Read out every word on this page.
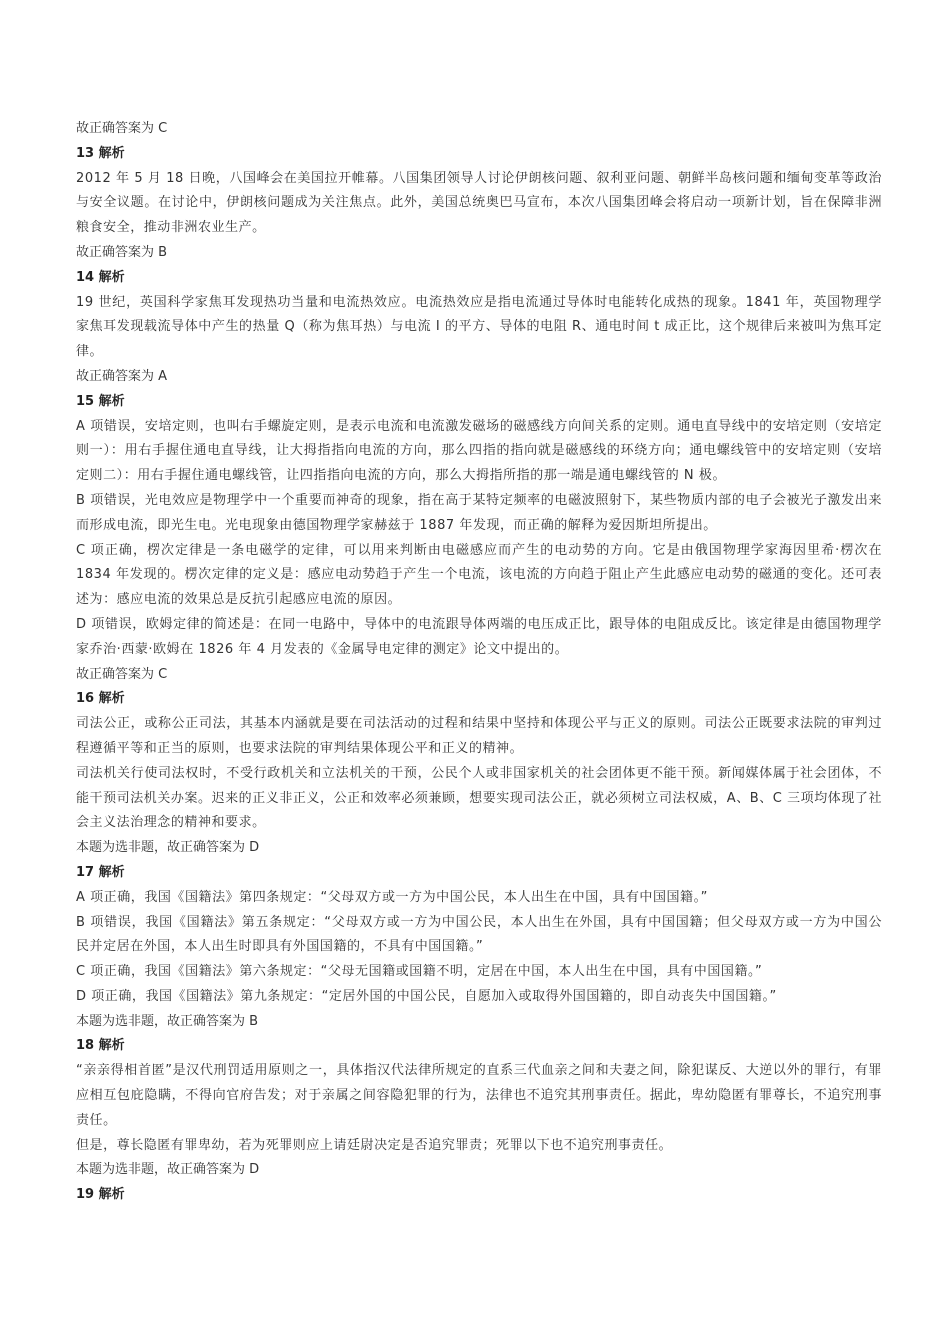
故正确答案为 C

13 解析

2012 年 5 月 18 日晚，八国峰会在美国拉开帷幕。八国集团领导人讨论伊朗核问题、叙利亚问题、朝鲜半岛核问题和缅甸变革等政治与安全议题。在讨论中，伊朗核问题成为关注焦点。此外，美国总统奥巴马宣布，本次八国集团峰会将启动一项新计划，旨在保障非洲粮食安全，推动非洲农业生产。

故正确答案为 B

14 解析

19 世纪，英国科学家焦耳发现热功当量和电流热效应。电流热效应是指电流通过导体时电能转化成热的现象。1841 年，英国物理学家焦耳发现载流导体中产生的热量 Q（称为焦耳热）与电流 I 的平方、导体的电阻 R、通电时间 t 成正比，这个规律后来被叫为焦耳定律。

故正确答案为 A

15 解析

A 项错误，安培定则，也叫右手螺旋定则，是表示电流和电流激发磁场的磁感线方向间关系的定则。通电直导线中的安培定则（安培定则一）：用右手握住通电直导线，让大拇指指向电流的方向，那么四指的指向就是磁感线的环绕方向；通电螺线管中的安培定则（安培定则二）：用右手握住通电螺线管，让四指指向电流的方向，那么大拇指所指的那一端是通电螺线管的 N 极。

B 项错误，光电效应是物理学中一个重要而神奇的现象，指在高于某特定频率的电磁波照射下，某些物质内部的电子会被光子激发出来而形成电流，即光生电。光电现象由德国物理学家赫兹于 1887 年发现，而正确的解释为爱因斯坦所提出。

C 项正确，楞次定律是一条电磁学的定律，可以用来判断由电磁感应而产生的电动势的方向。它是由俄国物理学家海因里希·楞次在 1834 年发现的。楞次定律的定义是：感应电动势趋于产生一个电流，该电流的方向趋于阻止产生此感应电动势的磁通的变化。还可表述为：感应电流的效果总是反抗引起感应电流的原因。

D 项错误，欧姆定律的简述是：在同一电路中，导体中的电流跟导体两端的电压成正比，跟导体的电阻成反比。该定律是由德国物理学家乔治·西蒙·欧姆在 1826 年 4 月发表的《金属导电定律的测定》论文中提出的。

故正确答案为 C

16 解析

司法公正，或称公正司法，其基本内涵就是要在司法活动的过程和结果中坚持和体现公平与正义的原则。司法公正既要求法院的审判过程遵循平等和正当的原则，也要求法院的审判结果体现公平和正义的精神。

司法机关行使司法权时，不受行政机关和立法机关的干预，公民个人或非国家机关的社会团体更不能干预。新闻媒体属于社会团体，不能干预司法机关办案。迟来的正义非正义，公正和效率必须兼顾，想要实现司法公正，就必须树立司法权威，A、B、C 三项均体现了社会主义法治理念的精神和要求。

本题为选非题，故正确答案为 D

17 解析

A 项正确，我国《国籍法》第四条规定：“父母双方或一方为中国公民，本人出生在中国，具有中国国籍。”

B 项错误，我国《国籍法》第五条规定：“父母双方或一方为中国公民，本人出生在外国，具有中国国籍；但父母双方或一方为中国公民并定居在外国，本人出生时即具有外国国籍的，不具有中国国籍。”

C 项正确，我国《国籍法》第六条规定：“父母无国籍或国籍不明，定居在中国，本人出生在中国，具有中国国籍。”

D 项正确，我国《国籍法》第九条规定：“定居外国的中国公民，自愿加入或取得外国国籍的，即自动丧失中国国籍。”

本题为选非题，故正确答案为 B

18 解析

“亲亲得相首匿”是汉代刑罚适用原则之一，具体指汉代法律所规定的直系三代血亲之间和夫妻之间，除犯谋反、大逆以外的罪行，有罪应相互包庇隐瞒，不得向官府告发；对于亲属之间容隐犯罪的行为，法律也不追究其刑事责任。据此，卑幼隐匿有罪尊长，不追究刑事责任。

但是，尊长隐匿有罪卑幼，若为死罪则应上请廷尉决定是否追究罪责；死罪以下也不追究刑事责任。

本题为选非题，故正确答案为 D

19 解析
